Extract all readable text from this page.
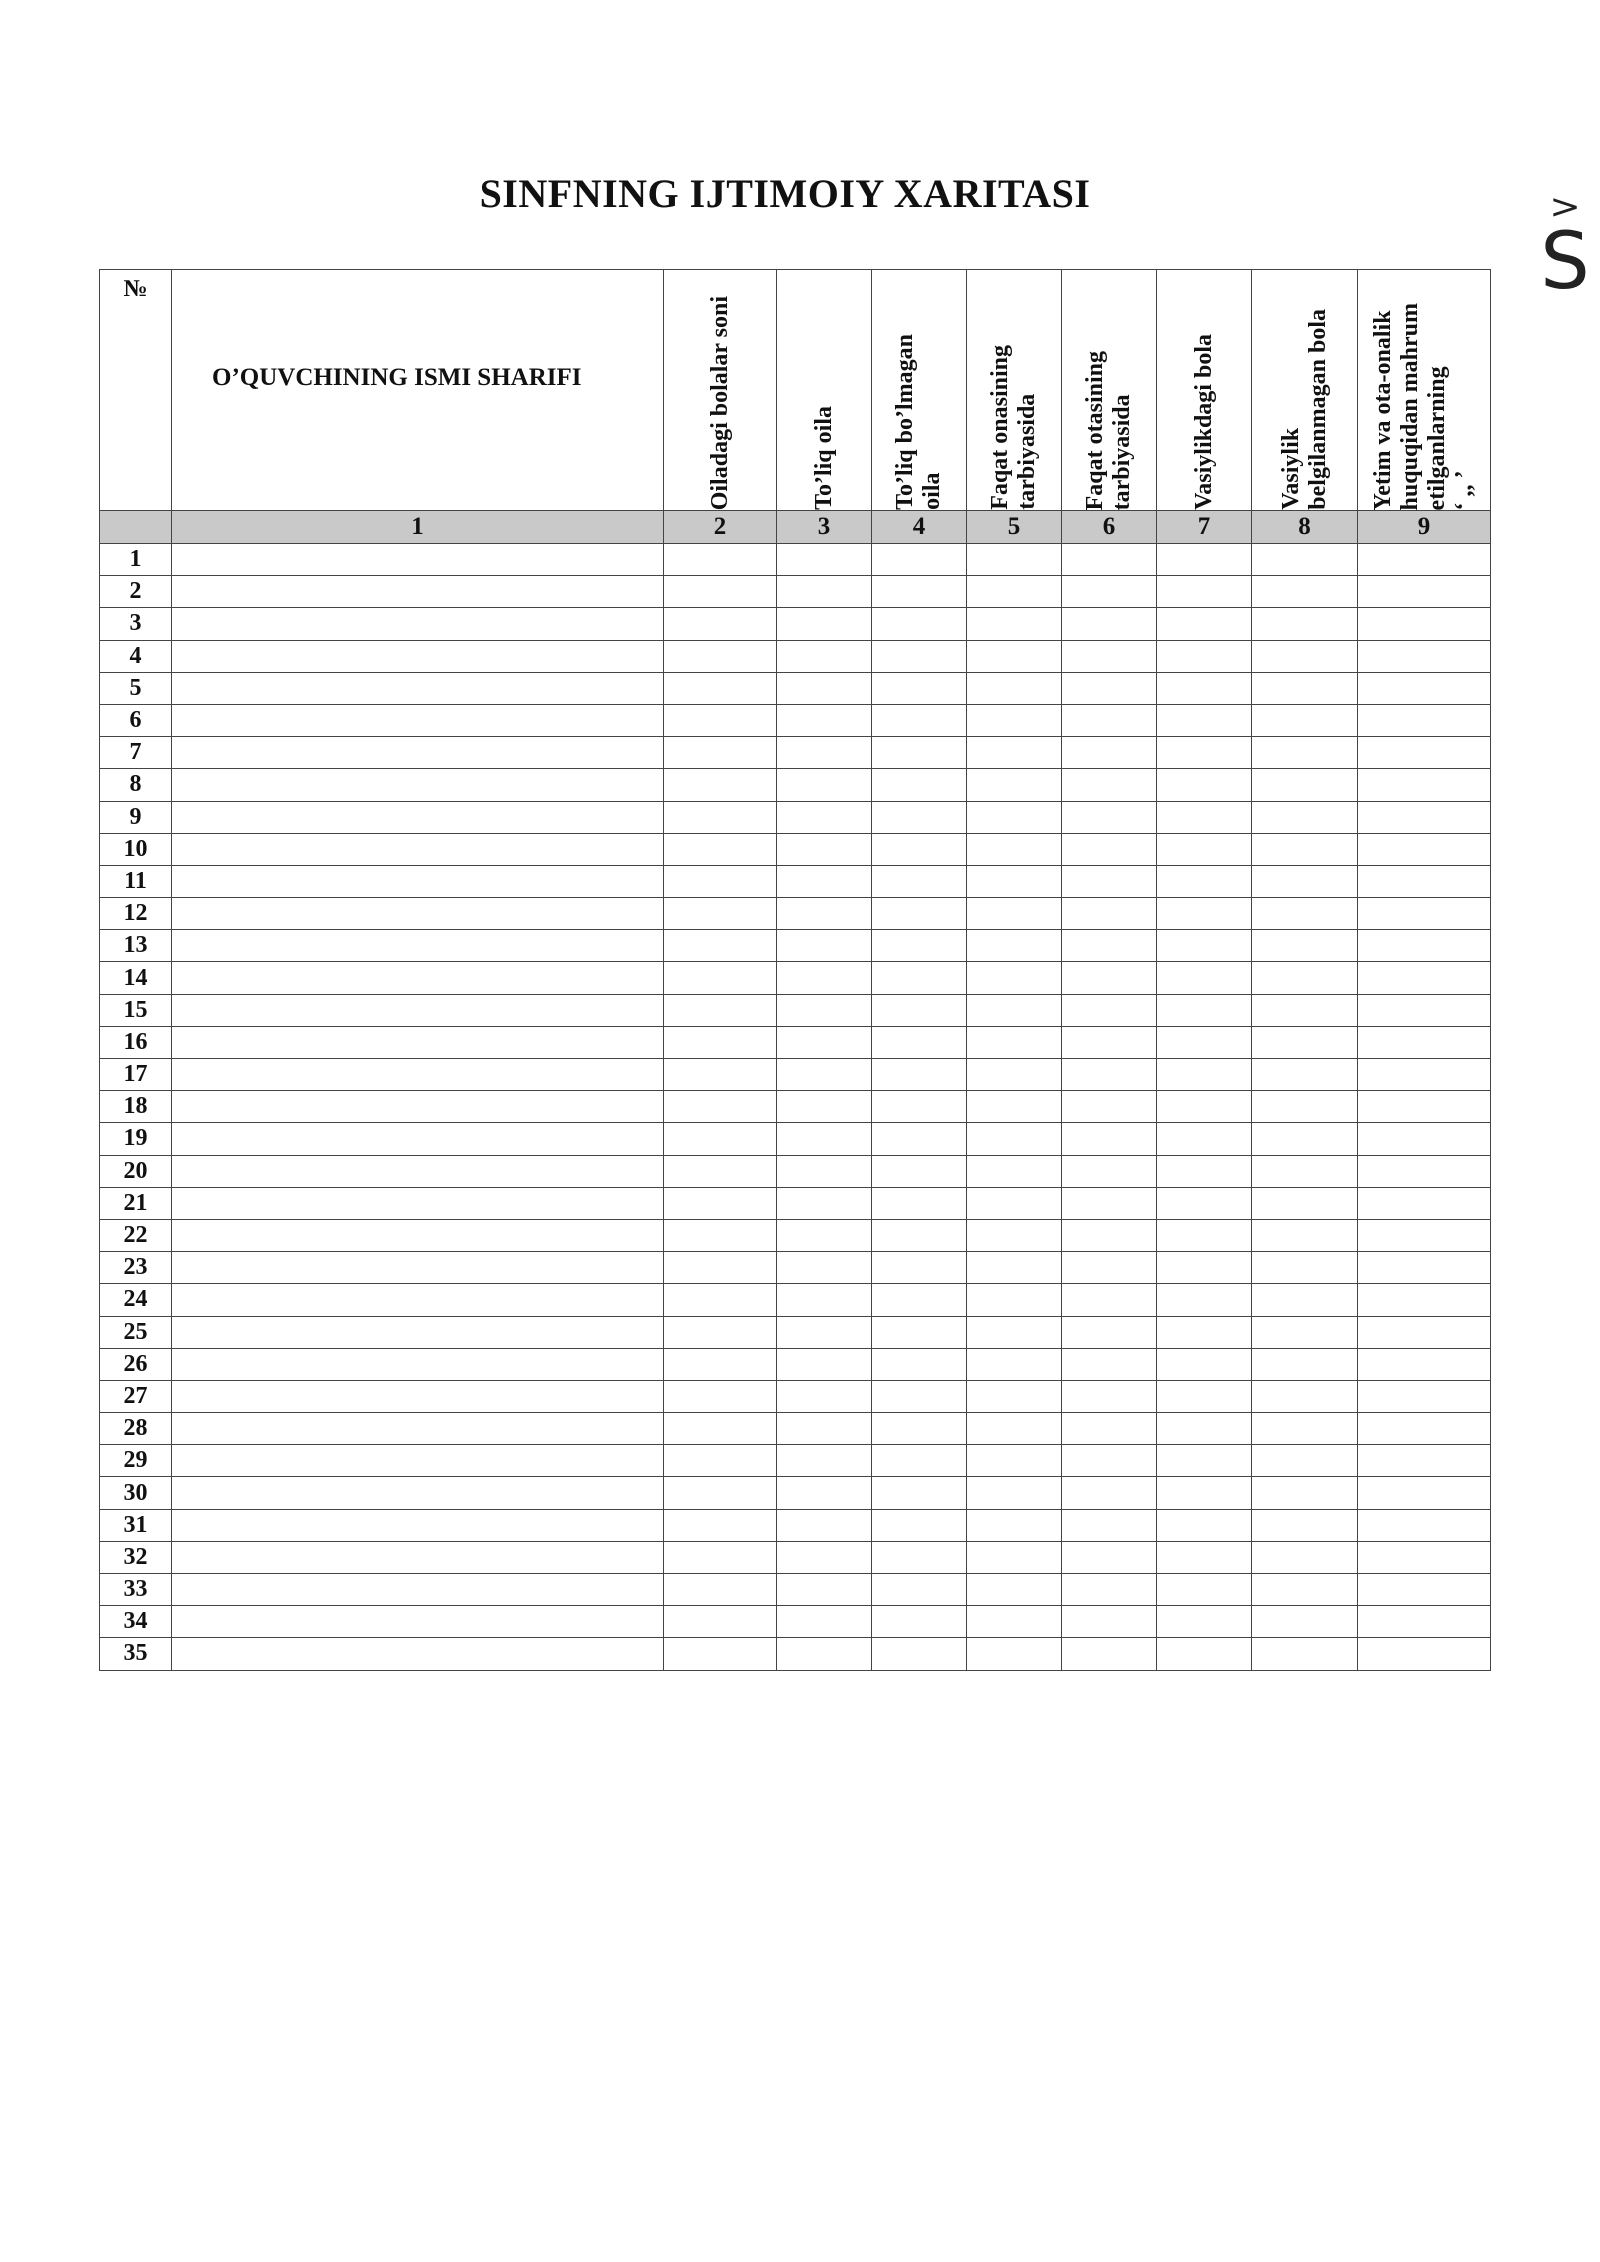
SINFNING IJTIMOIY XARITASI	>
S
№	O’QUVCHINING ISMI SHARIFI	Oiladagi bolalar soni	To’liq oila	To’liq bo’lmagan
oila	Faqat onasining
tarbiyasida	Faqat otasining
tarbiyasida	Vasiylikdagi bola	Vasiylik
belgilanmagan bola	Yetim va ota-onalik
huquqidan mahrum
etilganlarning
‘ ,, ’

	1	2	3	4	5	6	7	8	9
1									
2									
3									
4									
5									
6									
7									
8									
9									
10									
11									
12									
13									
14									
15									
16									
17									
18									
19									
20									
21									
22									
23									
24									
25									
26									
27									
28									
29									
30									
31									
32									
33									
34									
35									
